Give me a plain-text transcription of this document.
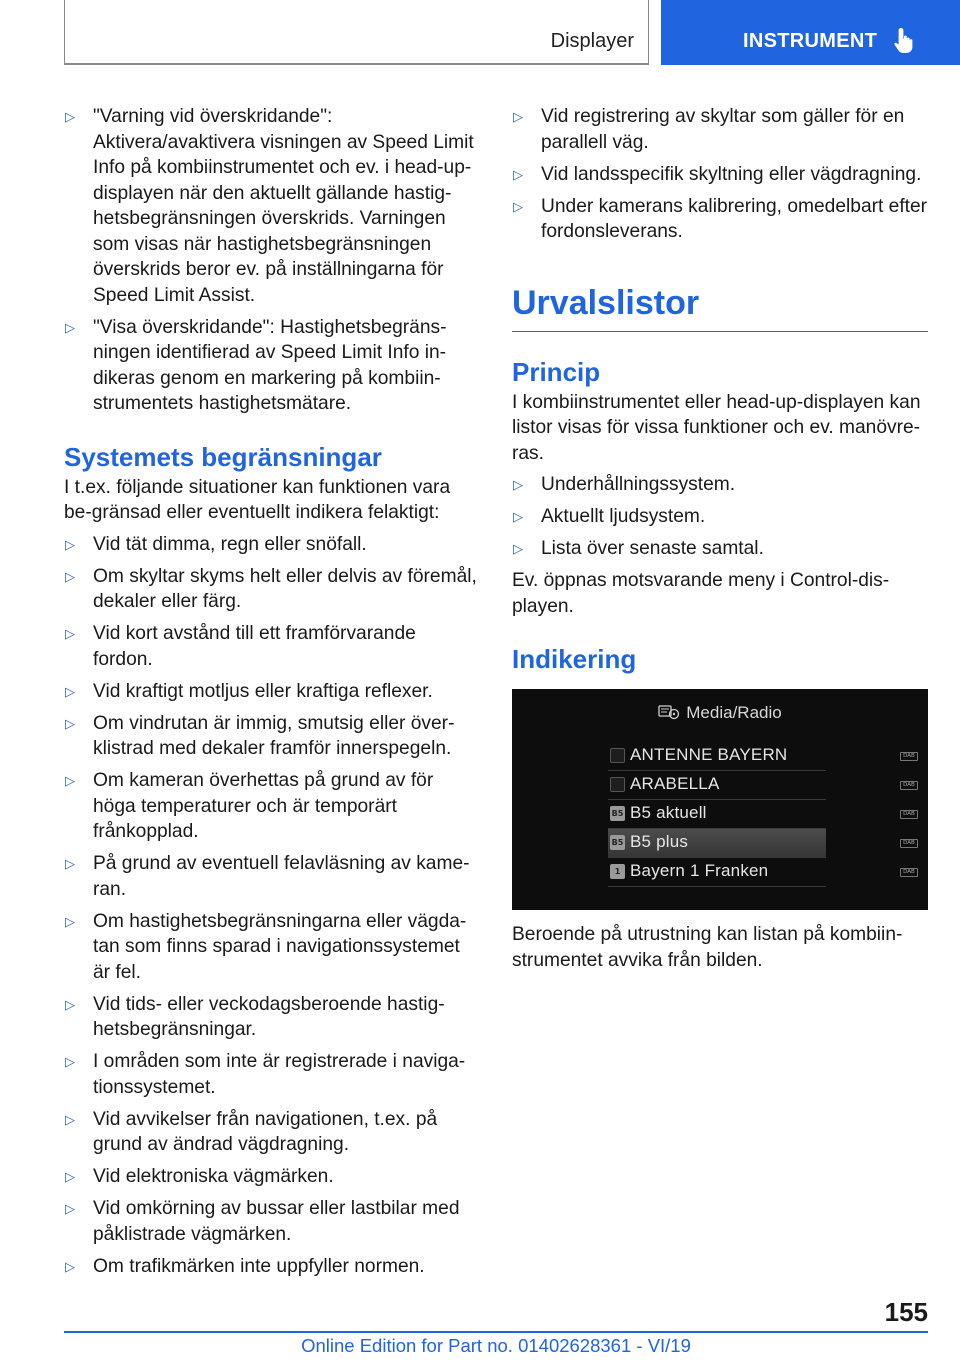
Displayer	INSTRUMENT
▷ "Varning vid överskridande": Aktivera/avaktivera visningen av Speed Limit Info på kombiinstrumentet och ev. i head-up-displayen när den aktuellt gällande hastig-hetsbegränsningen överskrids. Varningen som visas när hastighetsbegränsningen överskrids beror ev. på inställningarna för Speed Limit Assist.
▷ "Visa överskridande": Hastighetsbegräns-ningen identifierad av Speed Limit Info in-dikeras genom en markering på kombiin-strumentets hastighetsmätare.
Systemets begränsningar

I t.ex. följande situationer kan funktionen vara be-gränsad eller eventuellt indikera felaktigt:

▷ Vid tät dimma, regn eller snöfall.
▷ Om skyltar skyms helt eller delvis av föremål, dekaler eller färg.
▷ Vid kort avstånd till ett framförvarande fordon.
▷ Vid kraftigt motljus eller kraftiga reflexer.
▷ Om vindrutan är immig, smutsig eller över-klistrad med dekaler framför innerspegeln.
▷ Om kameran överhettas på grund av för höga temperaturer och är temporärt frånkopplad.
▷ På grund av eventuell felavläsning av kame-ran.
▷ Om hastighetsbegränsningarna eller vägda-tan som finns sparad i navigationssystemet är fel.
▷ Vid tids- eller veckodagsberoende hastig-hetsbegränsningar.
▷ I områden som inte är registrerade i naviga-tionssystemet.
▷ Vid avvikelser från navigationen, t.ex. på grund av ändrad vägdragning.
▷ Vid elektroniska vägmärken.
▷ Vid omkörning av bussar eller lastbilar med påklistrade vägmärken.
▷ Om trafikmärken inte uppfyller normen.
▷ Vid registrering av skyltar som gäller för en parallell väg.
▷ Vid landsspecifik skyltning eller vägdragning.
▷ Under kamerans kalibrering, omedelbart efter fordonsleverans.
Urvalslistor
Princip

I kombiinstrumentet eller head-up-displayen kan listor visas för vissa funktioner och ev. manövre-ras.

▷ Underhållningssystem.
▷ Aktuellt ljudsystem.
▷ Lista över senaste samtal.

Ev. öppnas motsvarande meny i Control-dis-playen.

Indikering
Media/Radio
ANTENNE BAYERN	DAB
ARABELLA	DAB
B5 B5 aktuell	DAB
B5 B5 plus	DAB
1 Bayern 1 Franken	DAB

Beroende på utrustning kan listan på kombiin-strumentet avvika från bilden.

155
Online Edition for Part no. 01402628361 - VI/19
